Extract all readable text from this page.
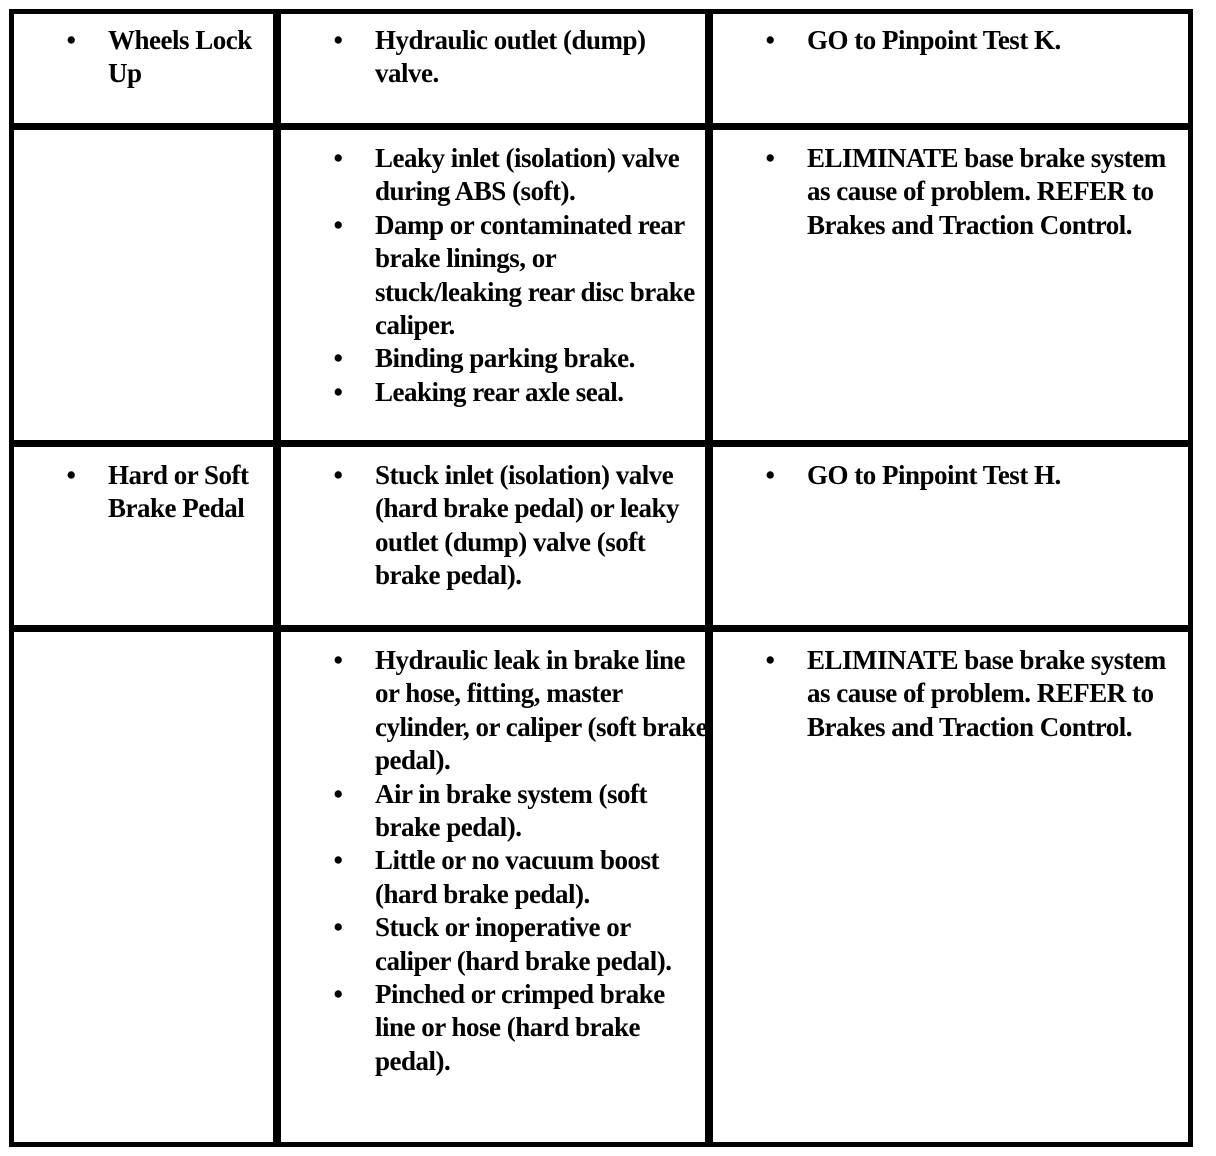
• Wheels Lock Up
• Hydraulic outlet (dump) valve.
• GO to Pinpoint Test K.
• Leaky inlet (isolation) valve during ABS (soft).
• Damp or contaminated rear brake linings, or stuck/leaking rear disc brake caliper.
• Binding parking brake.
• Leaking rear axle seal.
• ELIMINATE base brake system as cause of problem. REFER to Brakes and Traction Control.
• Hard or Soft Brake Pedal
• Stuck inlet (isolation) valve (hard brake pedal) or leaky outlet (dump) valve (soft brake pedal).
• GO to Pinpoint Test H.
• Hydraulic leak in brake line or hose, fitting, master cylinder, or caliper (soft brake pedal).
• Air in brake system (soft brake pedal).
• Little or no vacuum boost (hard brake pedal).
• Stuck or inoperative or caliper (hard brake pedal).
• Pinched or crimped brake line or hose (hard brake pedal).
• ELIMINATE base brake system as cause of problem. REFER to Brakes and Traction Control.
